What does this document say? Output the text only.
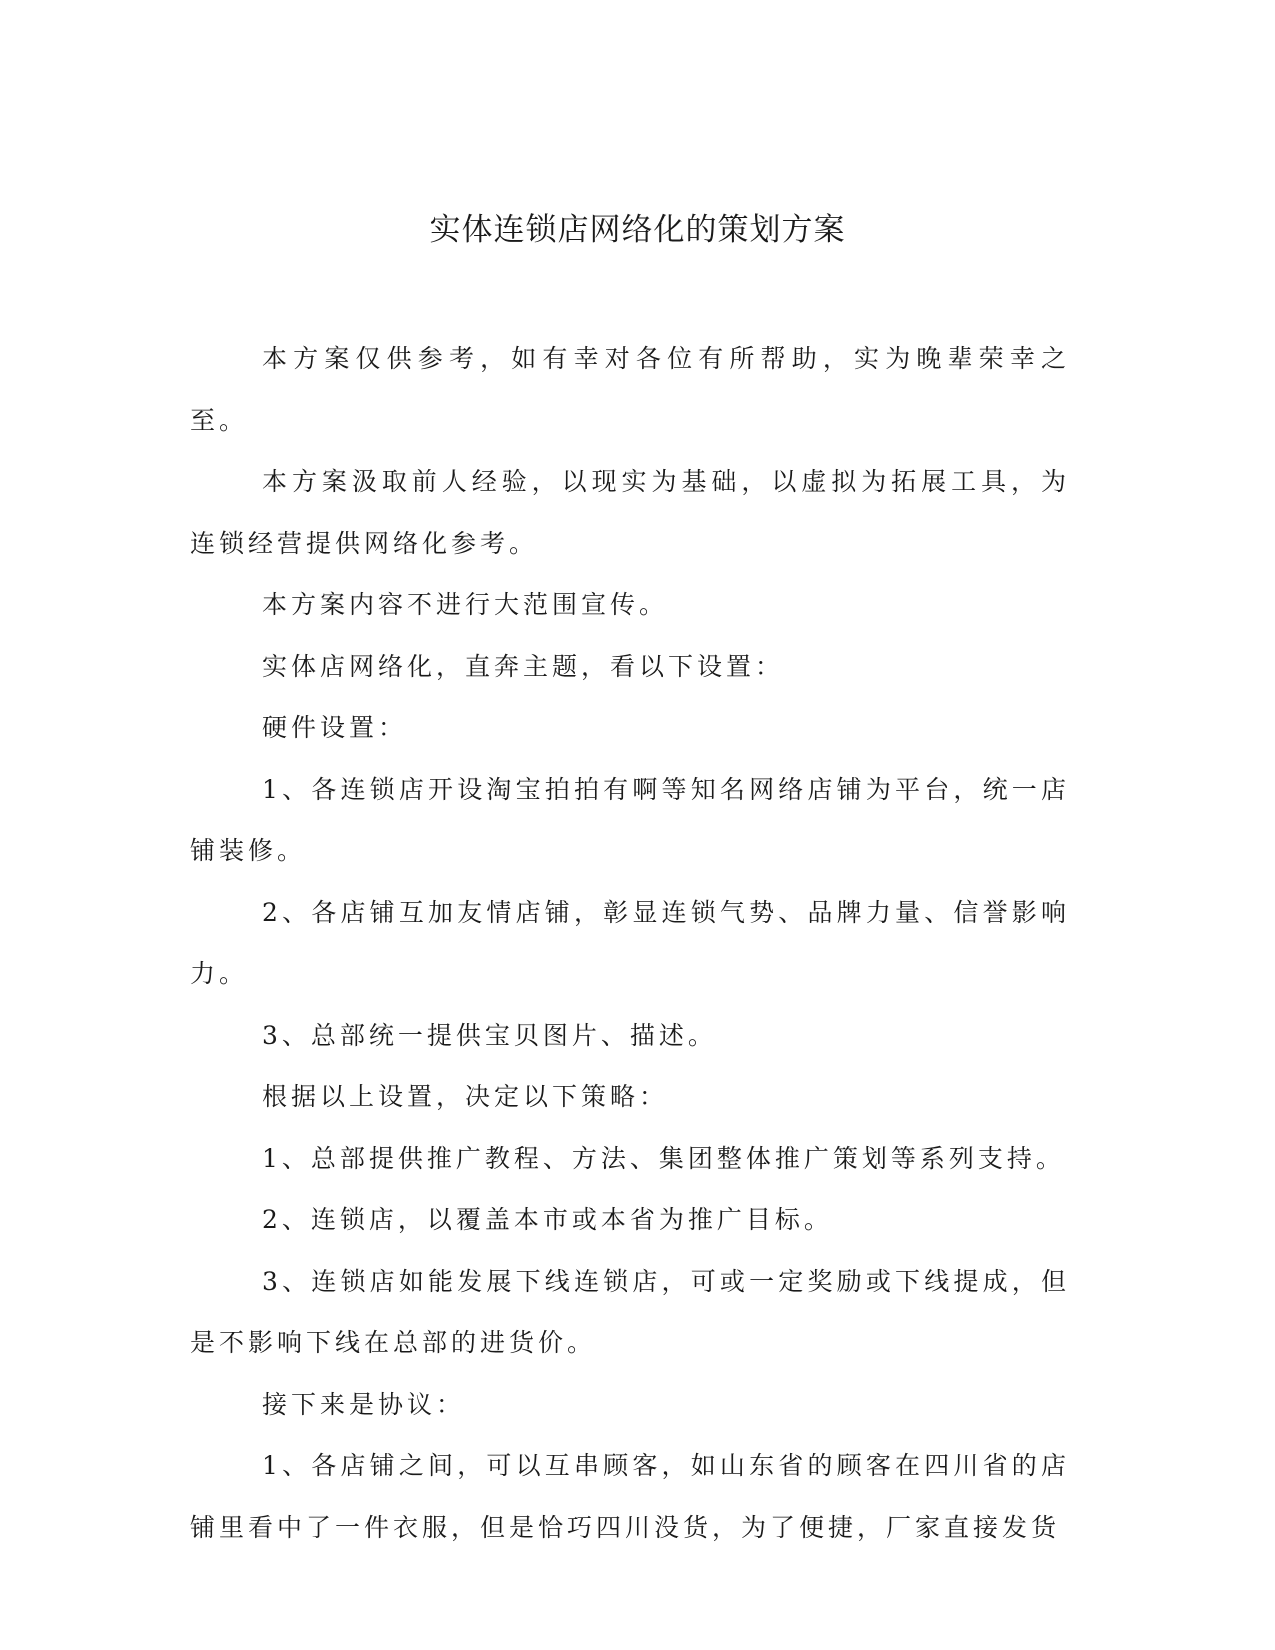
实体连锁店网络化的策划方案

本方案仅供参考，如有幸对各位有所帮助，实为晚辈荣幸之至。

本方案汲取前人经验，以现实为基础，以虚拟为拓展工具，为连锁经营提供网络化参考。

本方案内容不进行大范围宣传。

实体店网络化，直奔主题，看以下设置：

硬件设置：

1、各连锁店开设淘宝拍拍有啊等知名网络店铺为平台，统一店铺装修。

2、各店铺互加友情店铺，彰显连锁气势、品牌力量、信誉影响力。

3、总部统一提供宝贝图片、描述。

根据以上设置，决定以下策略：

1、总部提供推广教程、方法、集团整体推广策划等系列支持。

2、连锁店，以覆盖本市或本省为推广目标。

3、连锁店如能发展下线连锁店，可或一定奖励或下线提成，但是不影响下线在总部的进货价。

接下来是协议：

1、各店铺之间，可以互串顾客，如山东省的顾客在四川省的店铺里看中了一件衣服，但是恰巧四川没货，为了便捷，厂家直接发货
